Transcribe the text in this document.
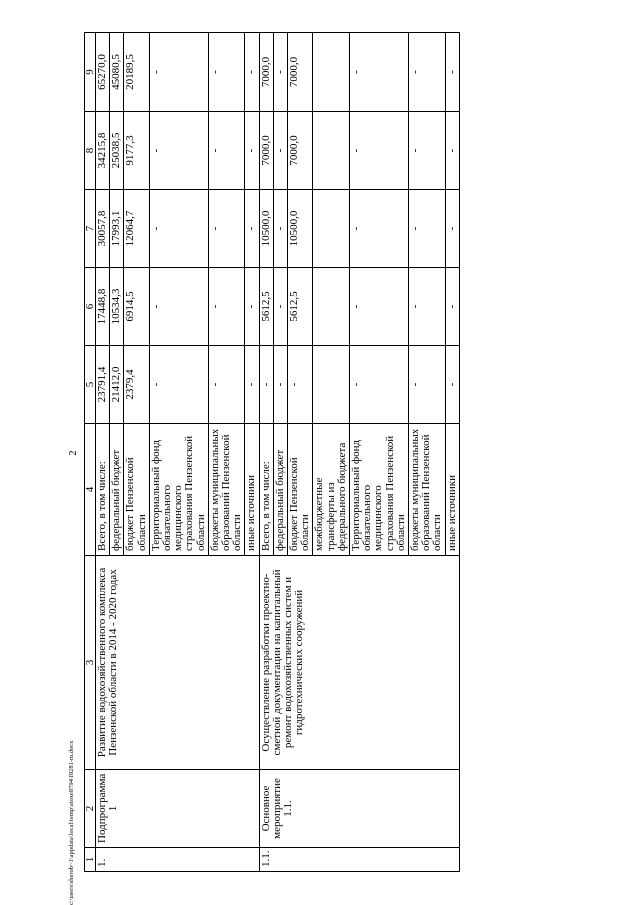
2
c:\users\sherob~1\appdata\local\temp\atoxe8794\f8281-m.docx 1	2	3	4	5	6	7	8	9
1.	Подпрограмма 1	Развитие водохозяйственного комплекса Пензенской области в 2014 - 2020 годах	Всего, в том числе:	23791,4	17448,8	30057,8	34215,8	65270,0
			федеральный бюджет	21412,0	10534,3	17993,1	25038,5	45080,5
			бюджет Пензенской области	2379,4	6914,5	12064,7	9177,3	20189,5
			Территориальный фонд обязательного медицинского страхования Пензенской области	-	-	-	-	-
			бюджеты муниципальных образований Пензенской области	-	-	-	-	-
			иные источники	-	-	-	-	-
1.1.	Основное мероприятие 1.1.	Осуществление разработки проектно-сметной документации на капитальный ремонт водохозяйственных систем и гидротехнических сооружений	Всего, в том числе:	-	5612,5	10500,0	7000,0	7000,0
			федеральный бюджет	-	-	-	-	-
			бюджет Пензенской области	-	5612,5	10500,0	7000,0	7000,0
			межбюджетные трансферты из федерального бюджета					
			Территориальный фонд обязательного медицинского страхования Пензенской области	-	-	-	-	-
			бюджеты муниципальных образований Пензенской области	-	-	-	-	-
			иные источники	-	-	-	-	-
